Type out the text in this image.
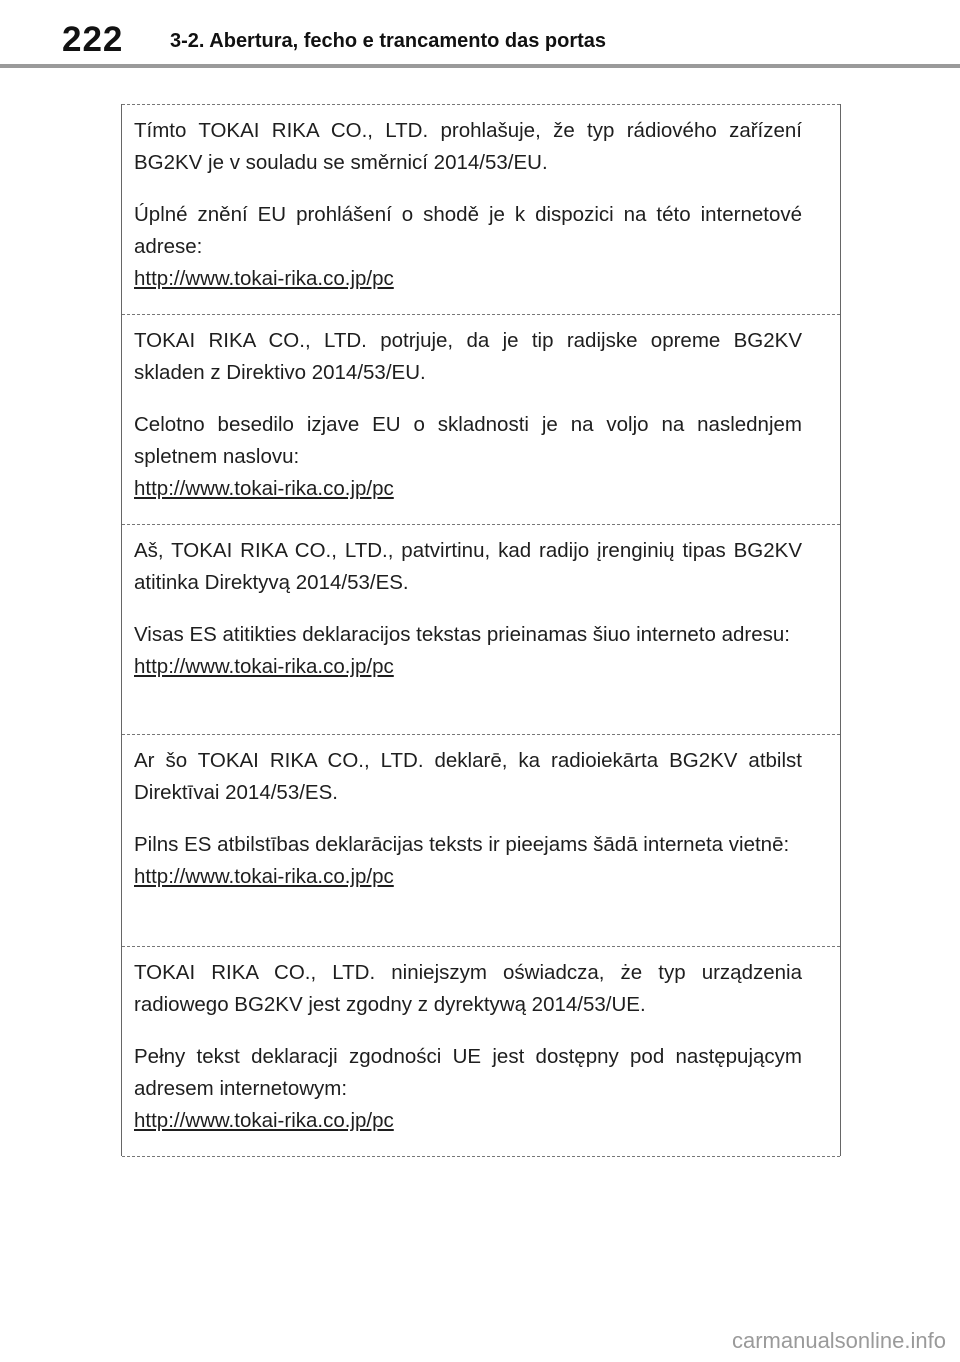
222 3-2. Abertura, fecho e trancamento das portas

Tímto TOKAI RIKA CO., LTD. prohlašuje, že typ rádiového zařízení BG2KV je v souladu se směrnicí 2014/53/EU.

Úplné znění EU prohlášení o shodě je k dispozici na této internetové adrese:

http://www.tokai-rika.co.jp/pc

TOKAI RIKA CO., LTD. potrjuje, da je tip radijske opreme BG2KV skladen z Direktivo 2014/53/EU.

Celotno besedilo izjave EU o skladnosti je na voljo na naslednjem spletnem naslovu:

http://www.tokai-rika.co.jp/pc

Aš, TOKAI RIKA CO., LTD., patvirtinu, kad radijo įrenginių tipas BG2KV atitinka Direktyvą 2014/53/ES.

Visas ES atitikties deklaracijos tekstas prieinamas šiuo interneto adresu:

http://www.tokai-rika.co.jp/pc

Ar šo TOKAI RIKA CO., LTD. deklarē, ka radioiekārta BG2KV atbilst Direktīvai 2014/53/ES.

Pilns ES atbilstības deklarācijas teksts ir pieejams šādā interneta vietnē:

http://www.tokai-rika.co.jp/pc

TOKAI RIKA CO., LTD. niniejszym oświadcza, że typ urządzenia radiowego BG2KV jest zgodny z dyrektywą 2014/53/UE.

Pełny tekst deklaracji zgodności UE jest dostępny pod następującym adresem internetowym:

http://www.tokai-rika.co.jp/pc
carmanualsonline.info
